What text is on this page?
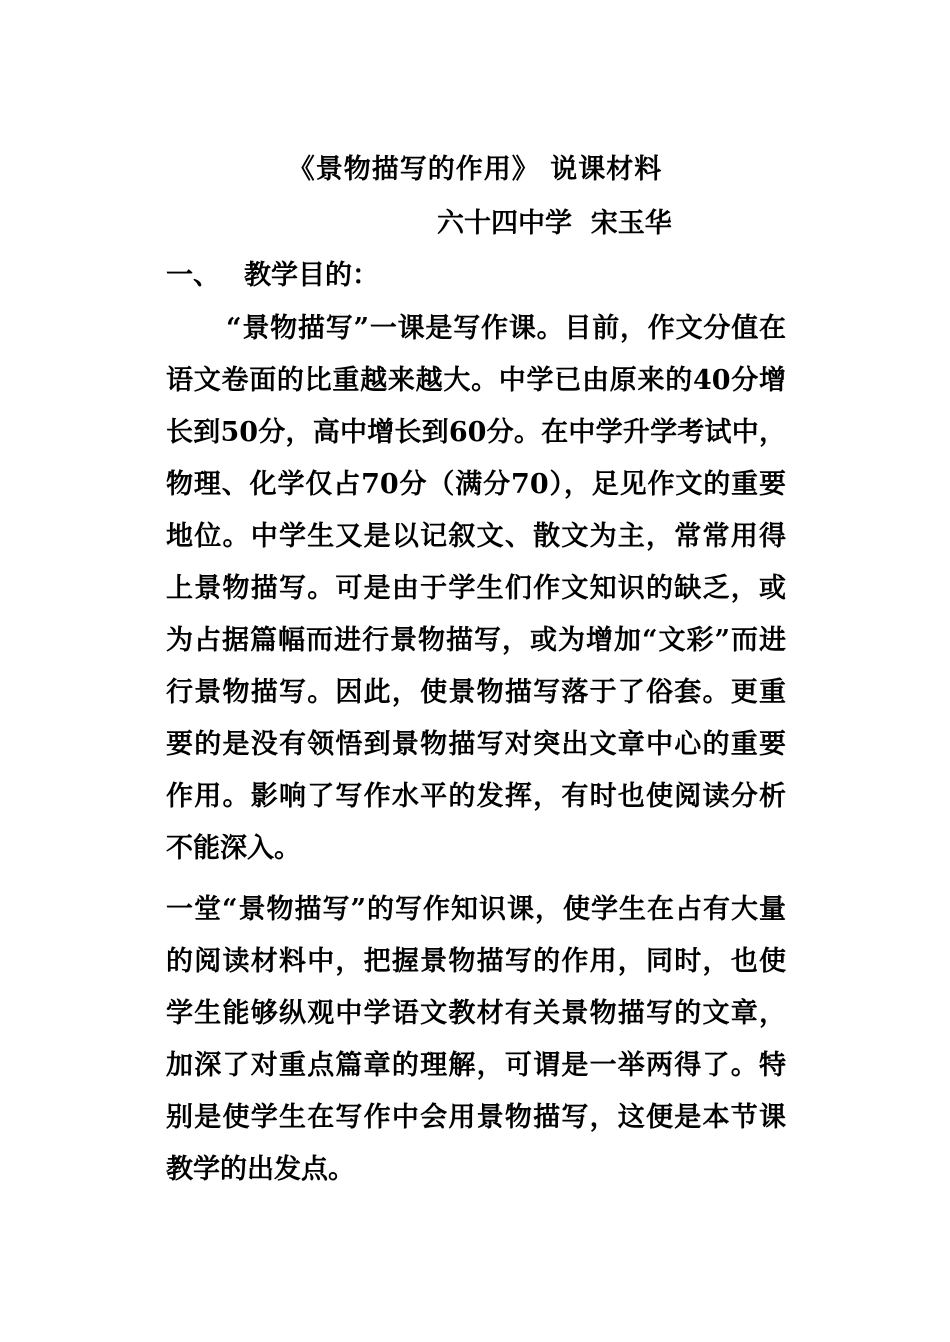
《景物描写的作用》 说课材料
六十四中学  宋玉华
一、 教学目的：

“景物描写”一课是写作课。目前，作文分值在语文卷面的比重越来越大。中学已由原来的40分增长到50分，高中增长到60分。在中学升学考试中，物理、化学仅占70分（满分70），足见作文的重要地位。中学生又是以记叙文、散文为主，常常用得上景物描写。可是由于学生们作文知识的缺乏，或为占据篇幅而进行景物描写，或为增加“文彩”而进行景物描写。因此，使景物描写落于了俗套。更重要的是没有领悟到景物描写对突出文章中心的重要作用。影响了写作水平的发挥，有时也使阅读分析不能深入。

一堂“景物描写”的写作知识课，使学生在占有大量的阅读材料中，把握景物描写的作用，同时，也使学生能够纵观中学语文教材有关景物描写的文章，加深了对重点篇章的理解，可谓是一举两得了。特别是使学生在写作中会用景物描写，这便是本节课教学的出发点。
